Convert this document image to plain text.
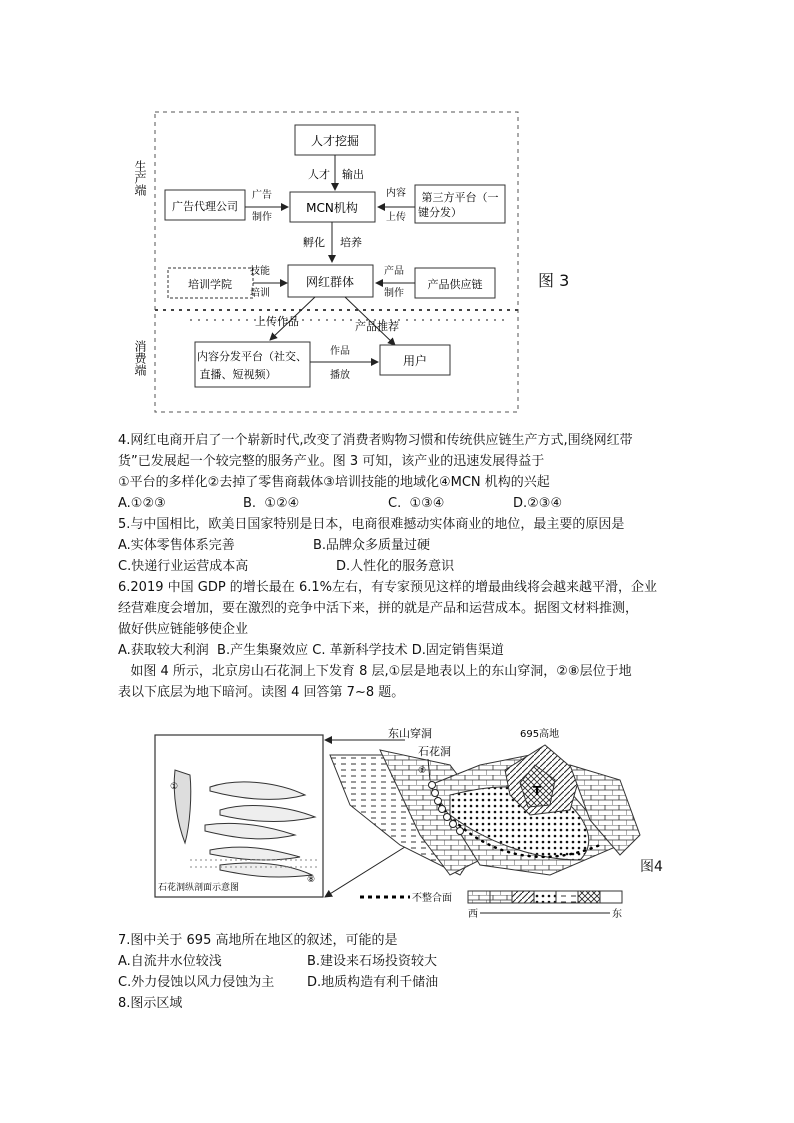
生产端
消费端
人才挖掘
人才 输出
广告代理公司
广告
制作
MCN机构
第三方平台（一
键分发）
内容
上传
孵化 培养
培训学院
技能
培训
网红群体	产品供应链
产品
制作
上传作品	产品推荐
内容分发平台（社交、
直播、短视频）
作品
播放
用户
图 3
4.网红电商开启了一个崭新时代,改变了消费者购物习惯和传统供应链生产方式,围绕网红带
货”已发展起一个较完整的服务产业。图 3 可知，该产业的迅速发展得益于
①平台的多样化②去掉了零售商载体③培训技能的地域化④MCN 机构的兴起
A.①②③	B.  ①②④	C.  ①③④	D.②③④
5.与中国相比，欧美日国家特别是日本，电商很难撼动实体商业的地位，最主要的原因是
A.实体零售体系完善	B.品牌众多质量过硬
C.快递行业运营成本高	D.人性化的服务意识
6.2019 中国 GDP 的增长最在 6.1%左右，有专家预见这样的增最曲线将会越来越平滑，企业
经营难度会增加，要在激烈的竞争中活下来，拼的就是产品和运营成本。据图文材料推测，
做好供应链能够使企业
A.获取较大利润  B.产生集聚效应 C. 革新科学技术 D.固定销售渠道
如图 4 所示，北京房山石花洞上下发育 8 层,①层是地表以上的东山穿洞，②⑧层位于地
表以下底层为地下暗河。读图 4 回答第 7~8 题。
①
⑧
石花洞纵剖面示意图
①
东山穿洞
石花洞
695高地
T
不整合面
西	东
图4
7.图中关于 695 高地所在地区的叙述，可能的是
A.自流井水位较浅	B.建设来石场投资较大
C.外力侵蚀以风力侵蚀为主	D.地质构造有利千储油
8.图示区域
